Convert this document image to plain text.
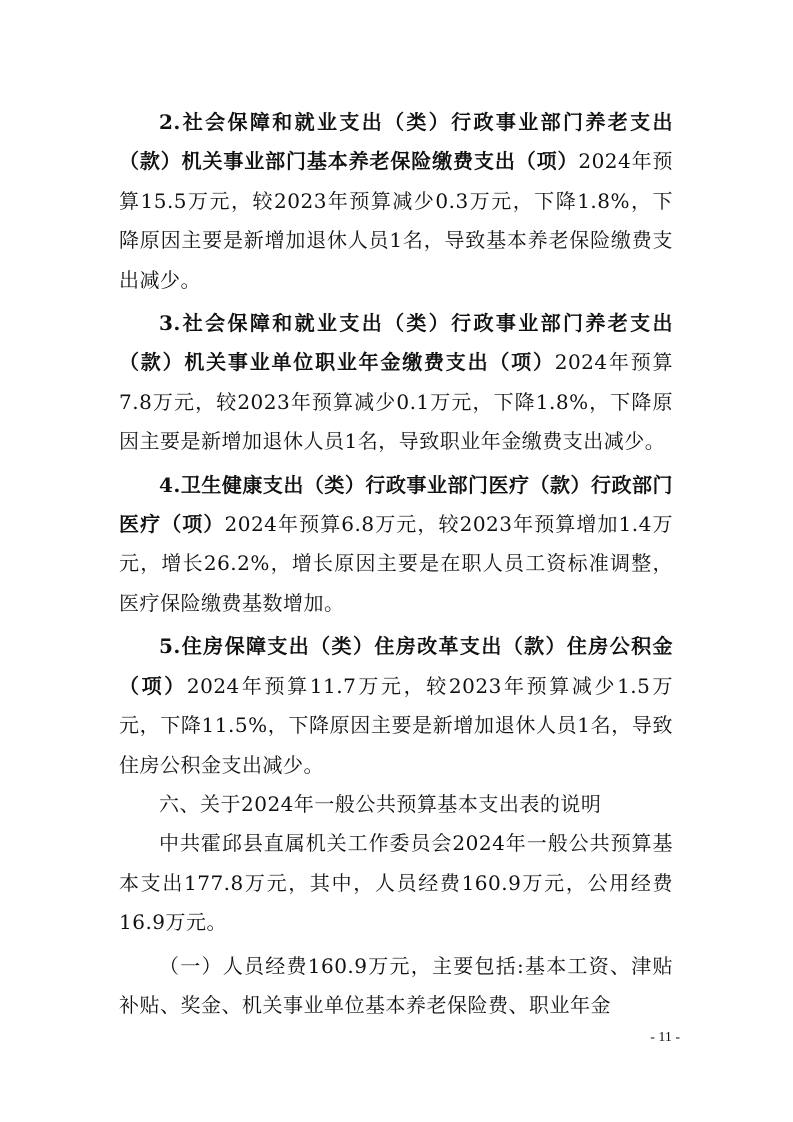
2.社会保障和就业支出（类）行政事业部门养老支出（款）机关事业部门基本养老保险缴费支出（项）2024年预算15.5万元，较2023年预算减少0.3万元，下降1.8%，下降原因主要是新增加退休人员1名，导致基本养老保险缴费支出减少。

3.社会保障和就业支出（类）行政事业部门养老支出（款）机关事业单位职业年金缴费支出（项）2024年预算7.8万元，较2023年预算减少0.1万元，下降1.8%，下降原因主要是新增加退休人员1名，导致职业年金缴费支出减少。

4.卫生健康支出（类）行政事业部门医疗（款）行政部门医疗（项）2024年预算6.8万元，较2023年预算增加1.4万元，增长26.2%，增长原因主要是在职人员工资标准调整，医疗保险缴费基数增加。

5.住房保障支出（类）住房改革支出（款）住房公积金（项）2024年预算11.7万元，较2023年预算减少1.5万元，下降11.5%，下降原因主要是新增加退休人员1名，导致住房公积金支出减少。

六、关于2024年一般公共预算基本支出表的说明

中共霍邱县直属机关工作委员会2024年一般公共预算基本支出177.8万元，其中，人员经费160.9万元，公用经费16.9万元。

（一）人员经费160.9万元，主要包括:基本工资、津贴补贴、奖金、机关事业单位基本养老保险费、职业年金

- 11 -
